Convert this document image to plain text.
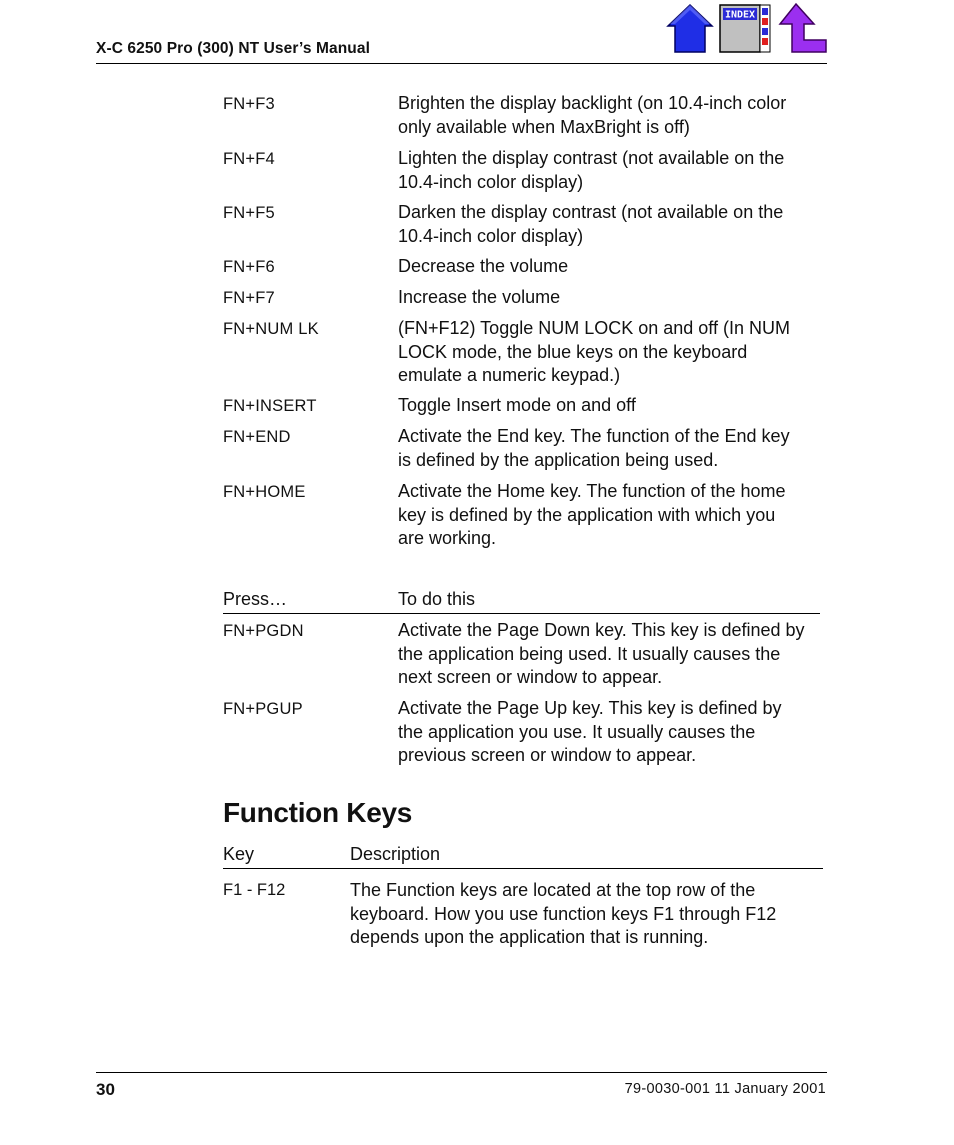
X-C 6250 Pro (300) NT User’s Manual
INDEX
FN+F3	Brighten the display backlight (on 10.4-inch color
only available when MaxBright is off)
FN+F4	Lighten the display contrast (not available on the
10.4-inch color display)
FN+F5	Darken the display contrast (not available on the
10.4-inch color display)
FN+F6	Decrease the volume
FN+F7	Increase the volume
FN+NUM LK	(FN+F12) Toggle NUM LOCK on and off (In NUM
LOCK mode, the blue keys on the keyboard
emulate a numeric keypad.)
FN+INSERT	Toggle Insert mode on and off
FN+END	Activate the End key. The function of the End key
is defined by the application being used.
FN+HOME	Activate the Home key. The function of the home
key is defined by the application with which you
are working.
Press…	To do this
FN+PGDN	Activate the Page Down key. This key is defined by
the application being used. It usually causes the
next screen or window to appear.
FN+PGUP	Activate the Page Up key. This key is defined by
the application you use. It usually causes the
previous screen or window to appear.
Function Keys
Key	Description
F1 - F12	The Function keys are located at the top row of the
keyboard. How you use function keys F1 through F12
depends upon the application that is running.
30	79-0030-001 11 January 2001
